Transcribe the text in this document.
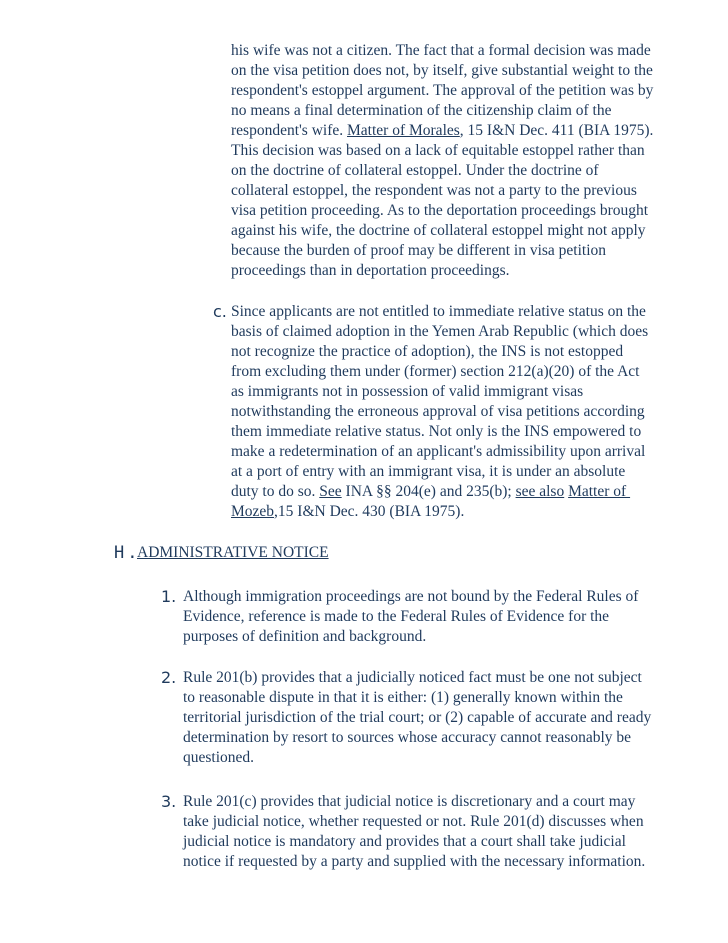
his wife was not a citizen. The fact that a formal decision was made
on the visa petition does not, by itself, give substantial weight to the
respondent's estoppel argument. The approval of the petition was by
no means a final determination of the citizenship claim of the
respondent's wife. Matter of Morales, 15 I&N Dec. 411 (BIA 1975).
This decision was based on a lack of equitable estoppel rather than
on the doctrine of collateral estoppel. Under the doctrine of
collateral estoppel, the respondent was not a party to the previous
visa petition proceeding. As to the deportation proceedings brought
against his wife, the doctrine of collateral estoppel might not apply
because the burden of proof may be different in visa petition
proceedings than in deportation proceedings.
c. Since applicants are not entitled to immediate relative status on the
basis of claimed adoption in the Yemen Arab Republic (which does
not recognize the practice of adoption), the INS is not estopped
from excluding them under (former) section 212(a)(20) of the Act
as immigrants not in possession of valid immigrant visas
notwithstanding the erroneous approval of visa petitions according
them immediate relative status. Not only is the INS empowered to
make a redetermination of an applicant's admissibility upon arrival
at a port of entry with an immigrant visa, it is under an absolute
duty to do so. See INA §§ 204(e) and 235(b); see also Matter of
Mozeb,15 I&N Dec. 430 (BIA 1975).
H.
ADMINISTRATIVE NOTICE
1. Although immigration proceedings are not bound by the Federal Rules of
Evidence, reference is made to the Federal Rules of Evidence for the
purposes of definition and background.
2. Rule 201(b) provides that a judicially noticed fact must be one not subject
to reasonable dispute in that it is either: (1) generally known within the
territorial jurisdiction of the trial court; or (2) capable of accurate and ready
determination by resort to sources whose accuracy cannot reasonably be
questioned.
3. Rule 201(c) provides that judicial notice is discretionary and a court may
take judicial notice, whether requested or not. Rule 201(d) discusses when
judicial notice is mandatory and provides that a court shall take judicial
notice if requested by a party and supplied with the necessary information.
